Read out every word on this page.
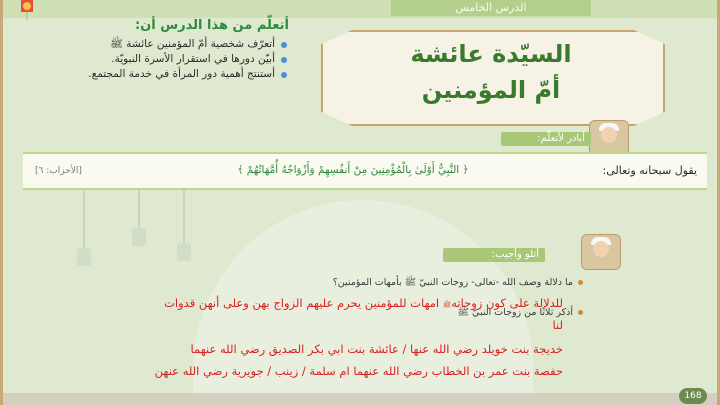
الدرس الخامس
أتعلّم من هذا الدرس أن:
أتعرّف شخصية أمّ المؤمنين عائشة ﷺ
أبيّن دورها في استقرار الأسرة النبويّة.
أستنتج أهمية دور المرأة في خدمة المجتمع.
السيّدة عائشة
أمّ المؤمنين
أبادر لأتعلّم:
يقول سبحانه وتعالى:
﴿ النَّبِيُّ أَوْلَىٰ بِالْمُؤْمِنِينَ مِنْ أَنفُسِهِمْ وَأَزْوَاجُهُ أُمَّهَاتُهُمْ ﴾
[الأحزاب: ٦]
أتلو وأجيب:
ما دلالة وصف الله -تعالى- زوجات النبيّ ﷺ بأمهات المؤمنين؟
أذكر ثلاثًا من زوجات النبيّ ﷺ
للدلالة على كون زوجاتهﷺ امهات للمؤمنين يحرم عليهم الزواج بهن وعلى أنهن قدوات
لنا
خديجة بنت خويلد رضي الله عنها / عائشة بنت ابي بكر الصديق رضي الله عنهما
حفصة بنت عمر بن الخطاب رضي الله عنهما ام سلمة / زينب / جويرية رضي الله عنهن
168
